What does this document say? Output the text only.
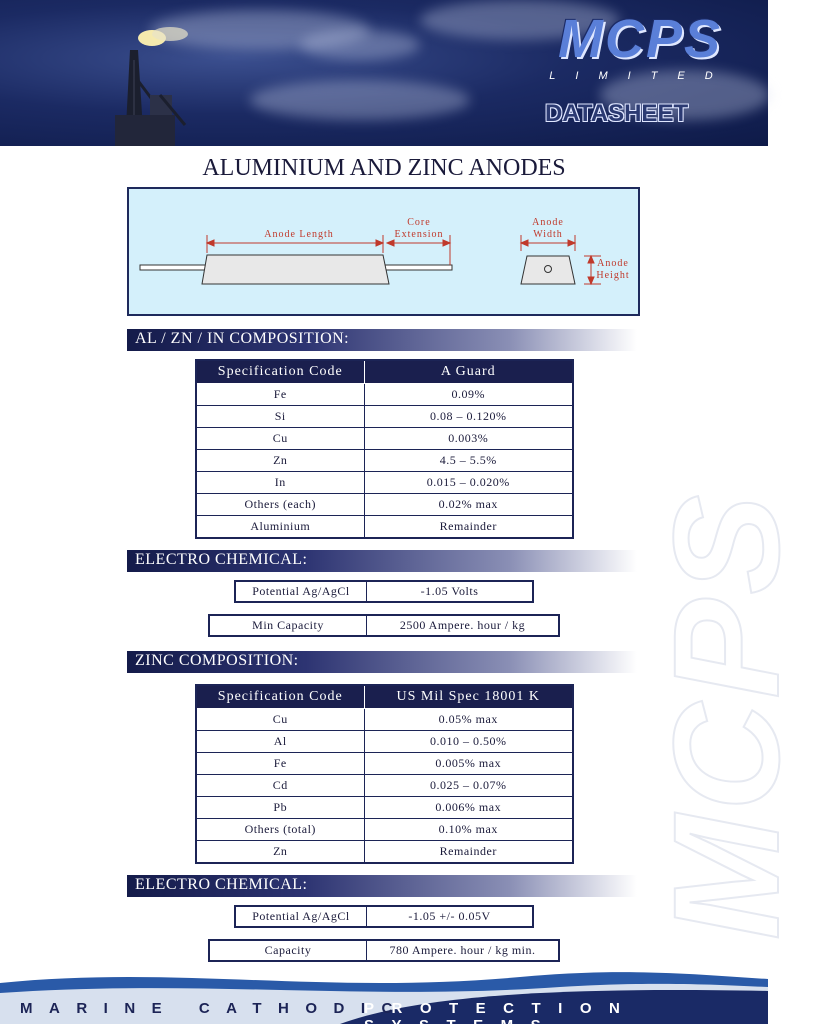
MCPS
LIMITED
DATASHEET
MCPS
ALUMINIUM AND ZINC ANODES
Anode Length
Core
Extension
Anode
Width
Anode
Height
AL / ZN / IN COMPOSITION:
Specification Code	A Guard
Fe	0.09%
Si	0.08 – 0.120%
Cu	0.003%
Zn	4.5 – 5.5%
In	0.015 – 0.020%
Others (each)	0.02% max
Aluminium	Remainder
ELECTRO CHEMICAL:
Potential Ag/AgCl	-1.05 Volts
Min Capacity	2500 Ampere. hour / kg
ZINC COMPOSITION:
Specification Code	US Mil Spec 18001 K
Cu	0.05% max
Al	0.010 – 0.50%
Fe	0.005% max
Cd	0.025 – 0.07%
Pb	0.006% max
Others (total)	0.10% max
Zn	Remainder
ELECTRO CHEMICAL:
Potential Ag/AgCl	-1.05 +/- 0.05V
Capacity	780 Ampere. hour / kg min.
MARINE CATHODIC
PROTECTION SYSTEMS
